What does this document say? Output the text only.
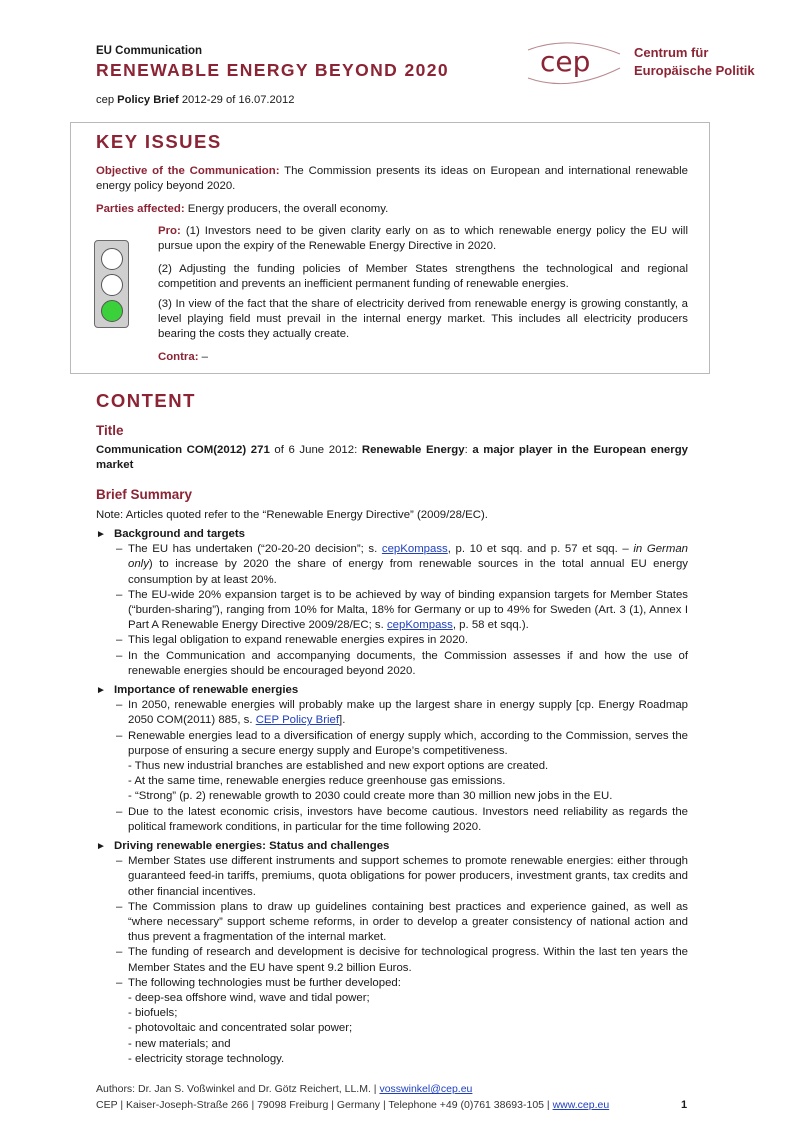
EU Communication
RENEWABLE ENERGY BEYOND 2020
cep Policy Brief 2012-29 of 16.07.2012
cep	Centrum für
Europäische Politik
KEY ISSUES
Objective of the Communication: The Commission presents its ideas on European and international renewable energy policy beyond 2020.
Parties affected: Energy producers, the overall economy.
Pro: (1) Investors need to be given clarity early on as to which renewable energy policy the EU will pursue upon the expiry of the Renewable Energy Directive in 2020.
(2) Adjusting the funding policies of Member States strengthens the technological and regional competition and prevents an inefficient permanent funding of renewable energies.
(3) In view of the fact that the share of electricity derived from renewable energy is growing constantly, a level playing field must prevail in the internal energy market. This includes all electricity producers bearing the costs they actually create.
Contra: –
CONTENT
Title
Communication COM(2012) 271 of 6 June 2012: Renewable Energy: a major player in the European energy market
Brief Summary
Note: Articles quoted refer to the “Renewable Energy Directive” (2009/28/EC).
► Background and targets
– The EU has undertaken (“20-20-20 decision”; s. cepKompass, p. 10 et sqq. and p. 57 et sqq. – in German only) to increase by 2020 the share of energy from renewable sources in the total annual EU energy consumption by at least 20%.
– The EU-wide 20% expansion target is to be achieved by way of binding expansion targets for Member States (“burden-sharing”), ranging from 10% for Malta, 18% for Germany or up to 49% for Sweden (Art. 3 (1), Annex I Part A Renewable Energy Directive 2009/28/EC; s. cepKompass, p. 58 et sqq.).
– This legal obligation to expand renewable energies expires in 2020.
– In the Communication and accompanying documents, the Commission assesses if and how the use of renewable energies should be encouraged beyond 2020.
► Importance of renewable energies
– In 2050, renewable energies will probably make up the largest share in energy supply [cp. Energy Roadmap 2050 COM(2011) 885, s. CEP Policy Brief].
– Renewable energies lead to a diversification of energy supply which, according to the Commission, serves the purpose of ensuring a secure energy supply and Europe’s competitiveness.
- Thus new industrial branches are established and new export options are created.
- At the same time, renewable energies reduce greenhouse gas emissions.
- “Strong” (p. 2) renewable growth to 2030 could create more than 30 million new jobs in the EU.
– Due to the latest economic crisis, investors have become cautious. Investors need reliability as regards the political framework conditions, in particular for the time following 2020.
► Driving renewable energies: Status and challenges
– Member States use different instruments and support schemes to promote renewable energies: either through guaranteed feed-in tariffs, premiums, quota obligations for power producers, investment grants, tax credits and other financial incentives.
– The Commission plans to draw up guidelines containing best practices and experience gained, as well as “where necessary” support scheme reforms, in order to develop a greater consistency of national action and thus prevent a fragmentation of the internal market.
– The funding of research and development is decisive for technological progress. Within the last ten years the Member States and the EU have spent 9.2 billion Euros.
– The following technologies must be further developed:
- deep-sea offshore wind, wave and tidal power;
- biofuels;
- photovoltaic and concentrated solar power;
- new materials; and
- electricity storage technology.
Authors: Dr. Jan S. Voßwinkel and Dr. Götz Reichert, LL.M. | vosswinkel@cep.eu
CEP | Kaiser-Joseph-Straße 266 | 79098 Freiburg | Germany | Telephone +49 (0)761 38693-105 | www.cep.eu	1
